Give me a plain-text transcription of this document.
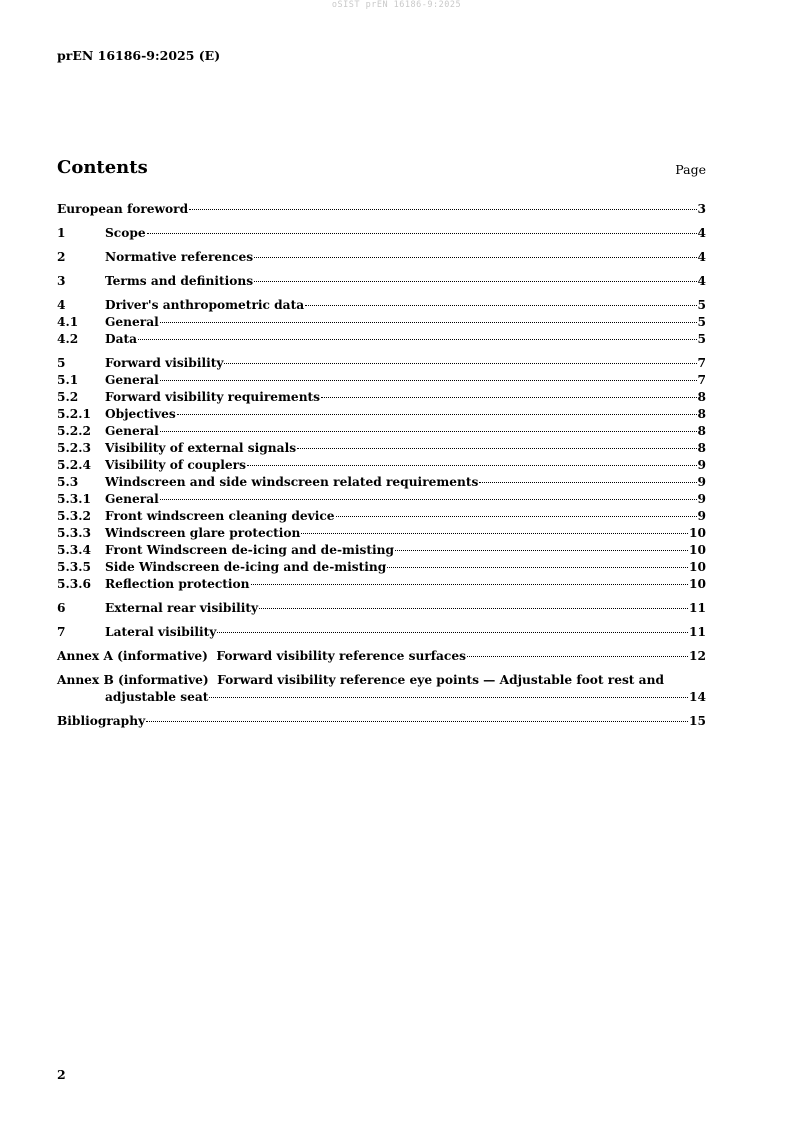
oSIST prEN 16186-9:2025
prEN 16186-9:2025 (E)
Contents	Page
European foreword	3
1	Scope	4
2	Normative references	4
3	Terms and definitions	4
4	Driver's anthropometric data	5
4.1	General	5
4.2	Data	5
5	Forward visibility	7
5.1	General	7
5.2	Forward visibility requirements	8
5.2.1	Objectives	8
5.2.2	General	8
5.2.3	Visibility of external signals	8
5.2.4	Visibility of couplers	9
5.3	Windscreen and side windscreen related requirements	9
5.3.1	General	9
5.3.2	Front windscreen cleaning device	9
5.3.3	Windscreen glare protection	10
5.3.4	Front Windscreen de-icing and de-misting	10
5.3.5	Side Windscreen de-icing and de-misting	10
5.3.6	Reflection protection	10
6	External rear visibility	11
7	Lateral visibility	11
Annex A (informative)  Forward visibility reference surfaces	12
Annex B (informative)  Forward visibility reference eye points — Adjustable foot rest and
adjustable seat	14
Bibliography	15
2
